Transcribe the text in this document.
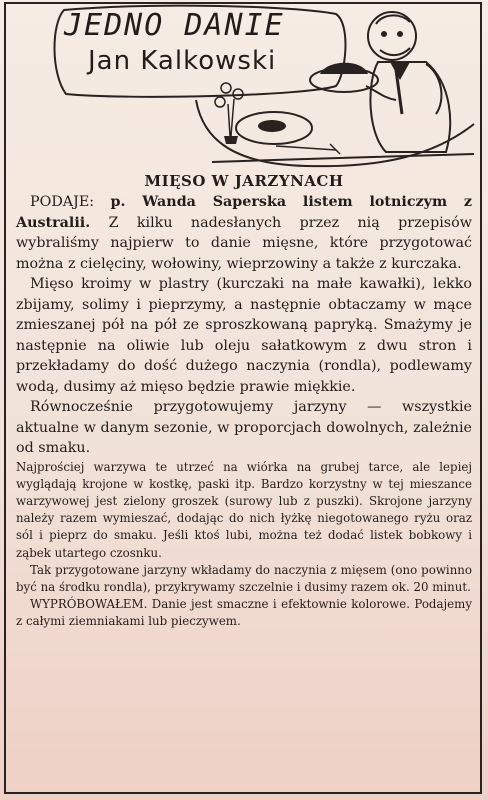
JEDNO DANIE
Jan Kalkowski
MIĘSO W JARZYNACH

PODAJE: p. Wanda Saperska listem lotniczym z Australii. Z kilku nadesłanych przez nią przepisów wybraliśmy najpierw to danie mięsne, które przygotować można z cielęciny, wołowiny, wieprzowiny a także z kurczaka.

Mięso kroimy w plastry (kurczaki na małe kawałki), lekko zbijamy, solimy i pieprzymy, a następnie obtaczamy w mące zmieszanej pół na pół ze sproszkowaną papryką. Smażymy je następnie na oliwie lub oleju sałatkowym z dwu stron i przekładamy do dość dużego naczynia (rondla), podlewamy wodą, dusimy aż mięso będzie prawie miękkie.

Równocześnie przygotowujemy jarzyny — wszystkie aktualne w danym sezonie, w proporcjach dowolnych, zależnie od smaku.

Najprościej warzywa te utrzeć na wiórka na grubej tarce, ale lepiej wyglądają krojone w kostkę, paski itp. Bardzo korzystny w tej mieszance warzywowej jest zielony groszek (surowy lub z puszki). Skrojone jarzyny należy razem wymieszać, dodając do nich łyżkę niegotowanego ryżu oraz sól i pieprz do smaku. Jeśli ktoś lubi, można też dodać listek bobkowy i ząbek utartego czosnku.

Tak przygotowane jarzyny wkładamy do naczynia z mięsem (ono powinno być na środku rondla), przykrywamy szczelnie i dusimy razem ok. 20 minut.

WYPRÓBOWAŁEM. Danie jest smaczne i efektownie kolorowe. Podajemy z całymi ziemniakami lub pieczywem.
